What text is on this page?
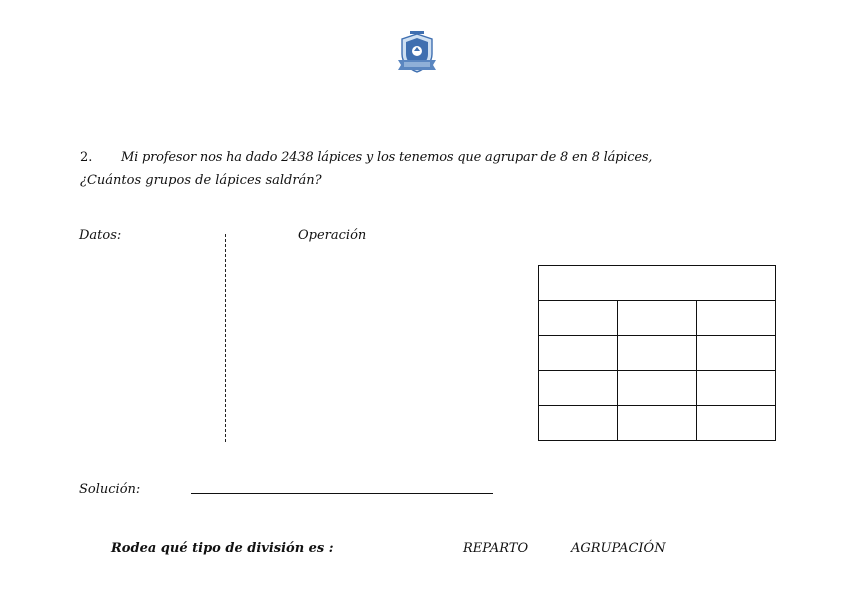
2. Mi profesor nos ha dado 2438 lápices y los tenemos que agrupar de 8 en 8 lápices,
¿Cuántos grupos de lápices saldrán?
Datos:	Operación

Solución:
Rodea qué tipo de división es :	REPARTO	AGRUPACIÓN
